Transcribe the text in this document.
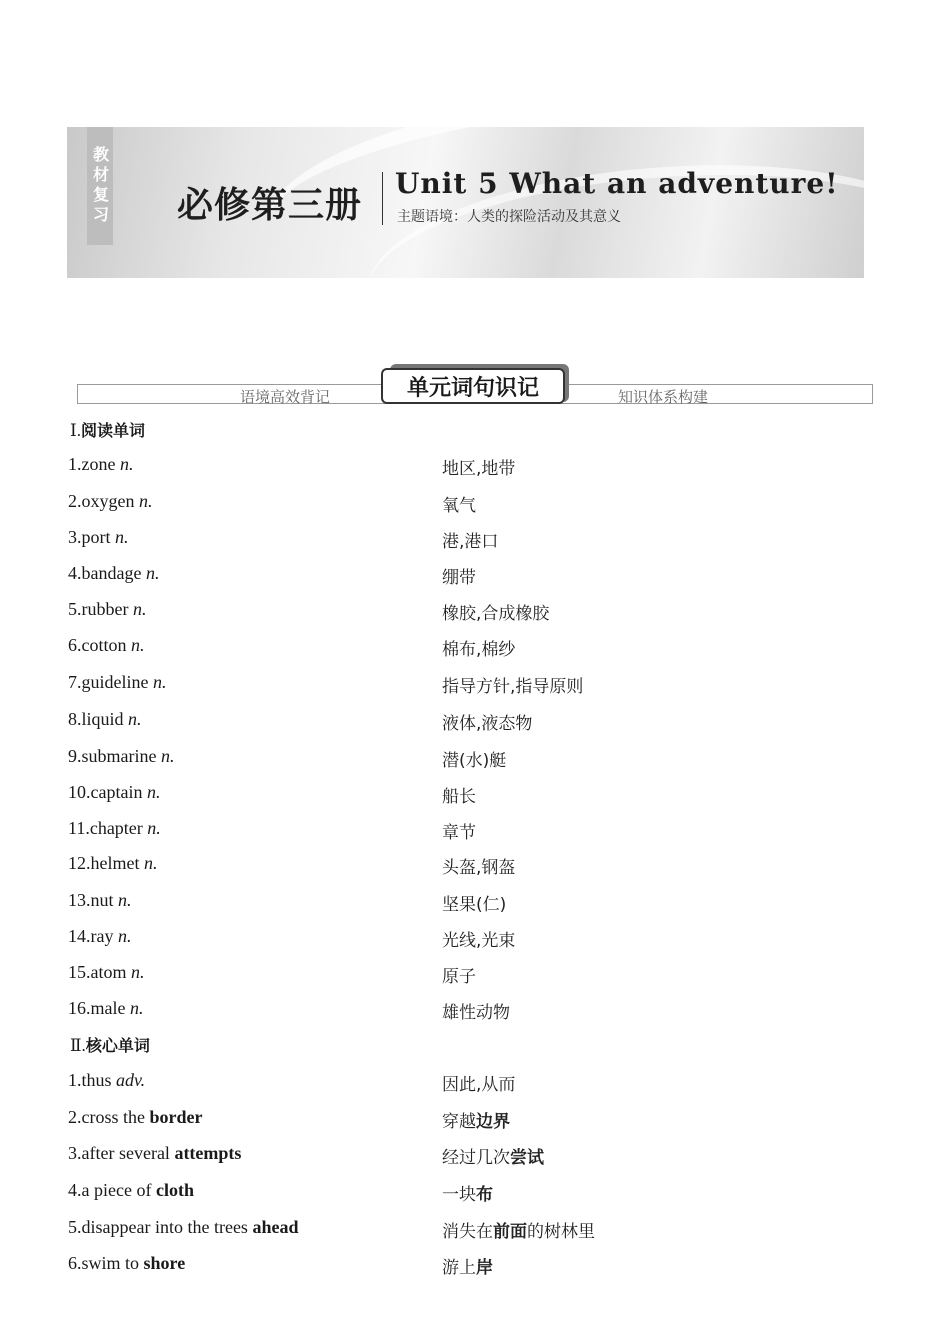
教材复习 必修第三册
Unit 5 What an adventure!
主题语境：人类的探险活动及其意义
语境高效背记	知识体系构建
单元词句识记
Ⅰ.阅读单词
1.zone n.	地区,地带
2.oxygen n.	氧气
3.port n.	港,港口
4.bandage n.	绷带
5.rubber n.	橡胶,合成橡胶
6.cotton n.	棉布,棉纱
7.guideline n.	指导方针,指导原则
8.liquid n.	液体,液态物
9.submarine n.	潜(水)艇
10.captain n.	船长
11.chapter n.	章节
12.helmet n.	头盔,钢盔
13.nut n.	坚果(仁)
14.ray n.	光线,光束
15.atom n.	原子
16.male n.	雄性动物
Ⅱ.核心单词
1.thus adv.	因此,从而
2.cross the border	穿越边界
3.after several attempts	经过几次尝试
4.a piece of cloth	一块布
5.disappear into the trees ahead	消失在前面的树林里
6.swim to shore	游上岸
